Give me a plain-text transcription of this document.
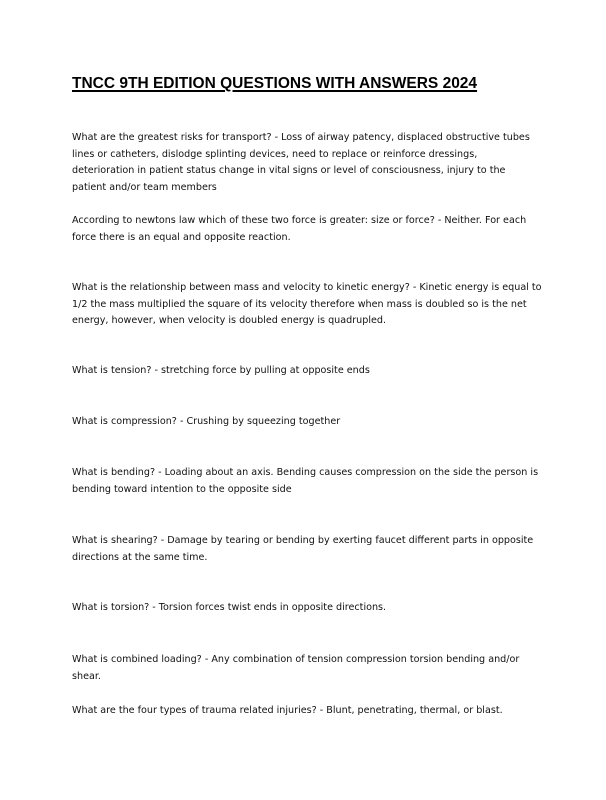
TNCC 9TH EDITION QUESTIONS WITH ANSWERS 2024

What are the greatest risks for transport? - Loss of airway patency, displaced obstructive tubes lines or catheters, dislodge splinting devices, need to replace or reinforce dressings, deterioration in patient status change in vital signs or level of consciousness, injury to the patient and/or team members

According to newtons law which of these two force is greater: size or force? - Neither. For each force there is an equal and opposite reaction.

What is the relationship between mass and velocity to kinetic energy? - Kinetic energy is equal to 1/2 the mass multiplied the square of its velocity therefore when mass is doubled so is the net energy, however, when velocity is doubled energy is quadrupled.

What is tension? - stretching force by pulling at opposite ends

What is compression? - Crushing by squeezing together

What is bending? - Loading about an axis. Bending causes compression on the side the person is bending toward intention to the opposite side

What is shearing? - Damage by tearing or bending by exerting faucet different parts in opposite directions at the same time.

What is torsion? - Torsion forces twist ends in opposite directions.

What is combined loading? - Any combination of tension compression torsion bending and/or shear.

What are the four types of trauma related injuries? - Blunt, penetrating, thermal, or blast.
